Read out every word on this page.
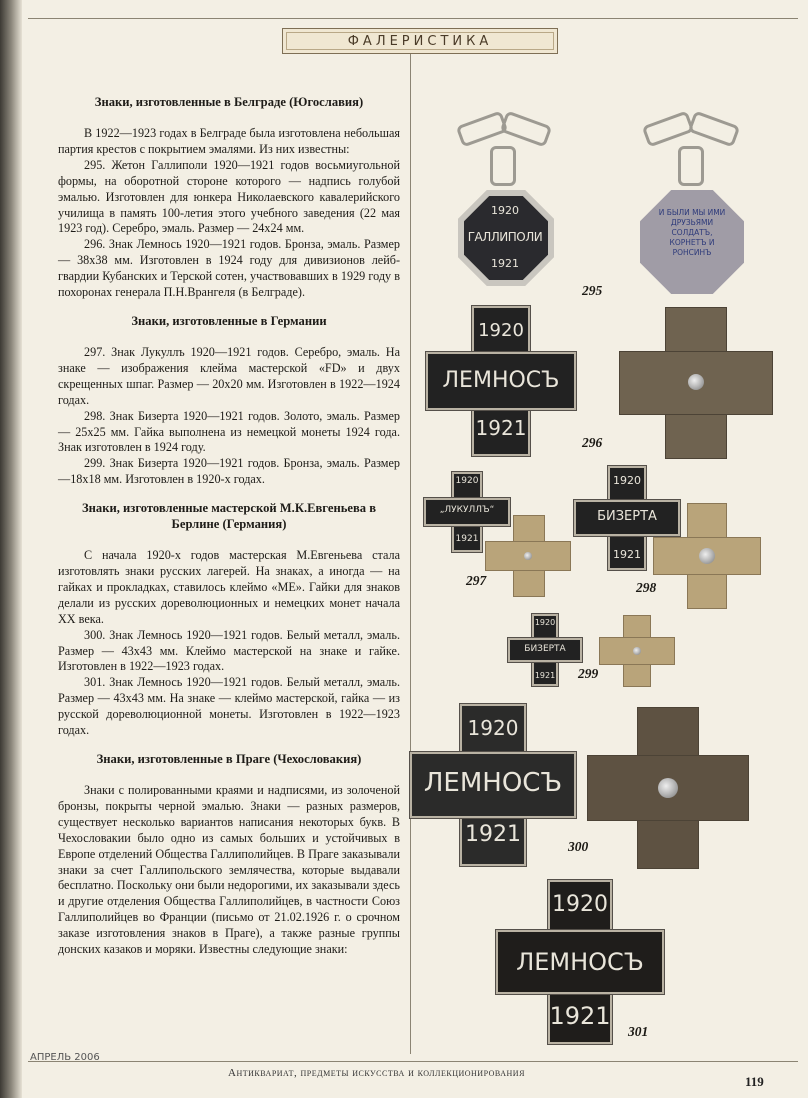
ФАЛЕРИСТИКА
Знаки, изготовленные в Белграде (Югославия)

В 1922—1923 годах в Белграде была изготовлена небольшая партия крестов с покрытием эмалями. Из них известны:

295. Жетон Галлиполи 1920—1921 годов восьмиугольной формы, на оборотной стороне которого — надпись голубой эмалью. Изготовлен для юнкера Николаевского кавалерийского училища в память 100-летия этого учебного заведения (22 мая 1923 год). Серебро, эмаль. Размер — 24х24 мм.

296. Знак Лемнось 1920—1921 годов. Бронза, эмаль. Размер — 38х38 мм. Изготовлен в 1924 году для дивизионов лейб-гвардии Кубанских и Терской сотен, участвовавших в 1929 году в похоронах генерала П.Н.Врангеля (в Белграде).

Знаки, изготовленные в Германии

297. Знак Лукуллъ 1920—1921 годов. Серебро, эмаль. На знаке — изображения клейма мастерской «FD» и двух скрещенных шпаг. Размер — 20х20 мм. Изготовлен в 1922—1924 годах.

298. Знак Бизерта 1920—1921 годов. Золото, эмаль. Размер — 25х25 мм. Гайка выполнена из немецкой монеты 1924 года. Знак изготовлен в 1924 году.

299. Знак Бизерта 1920—1921 годов. Бронза, эмаль. Размер —18х18 мм. Изготовлен в 1920-х годах.

Знаки, изготовленные мастерской М.К.Евгеньева в Берлине (Германия)

С начала 1920-х годов мастерская М.Евгеньева стала изготовлять знаки русских лагерей. На знаках, а иногда — на гайках и прокладках, ставилось клеймо «МЕ». Гайки для знаков делали из русских дореволюционных и немецких монет начала XX века.

300. Знак Лемнось 1920—1921 годов. Белый металл, эмаль. Размер — 43х43 мм. Клеймо мастерской на знаке и гайке. Изготовлен в 1922—1923 годах.

301. Знак Лемнось 1920—1921 годов. Белый металл, эмаль. Размер — 43х43 мм. На знаке — клеймо мастерской, гайка — из русской дореволюционной монеты. Изготовлен в 1922—1923 годах.

Знаки, изготовленные в Праге (Чехословакия)

Знаки с полированными краями и надписями, из золоченой бронзы, покрыты черной эмалью. Знаки — разных размеров, существует несколько вариантов написания некоторых букв. В Чехословакии было одно из самых больших и устойчивых в Европе отделений Общества Галлиполийцев. В Праге заказывали знаки за счет Галлипольского землячества, которые выдавали бесплатно. Поскольку они были недорогими, их заказывали здесь и другие отделения Общества Галлиполийцев, в частности Союз Галлиполийцев во Франции (письмо от 21.02.1926 г. о срочном заказе изготовления знаков в Праге), а также разные группы донских казаков и моряки. Известны следующие знаки:

1920
ГАЛЛИПОЛИ
1921
И БЫЛИ МЫ ИМИ ДРУЗЬЯМИ СОЛДАТЪ, КОРНЕТЪ И РОНСИНЪ
295
1920
ЛЕМНОСЪ
1921
296
1920
„ЛУКУЛЛЪ“
1921
297
1920
БИЗЕРТА
1921
298
1920
БИЗЕРТА
1921	299
1920
ЛЕМНОСЪ
1921	300
1920
ЛЕМНОСЪ
1921
301
АПРЕЛЬ 2006
Антиквариат, предметы искусства и коллекционирования
119
